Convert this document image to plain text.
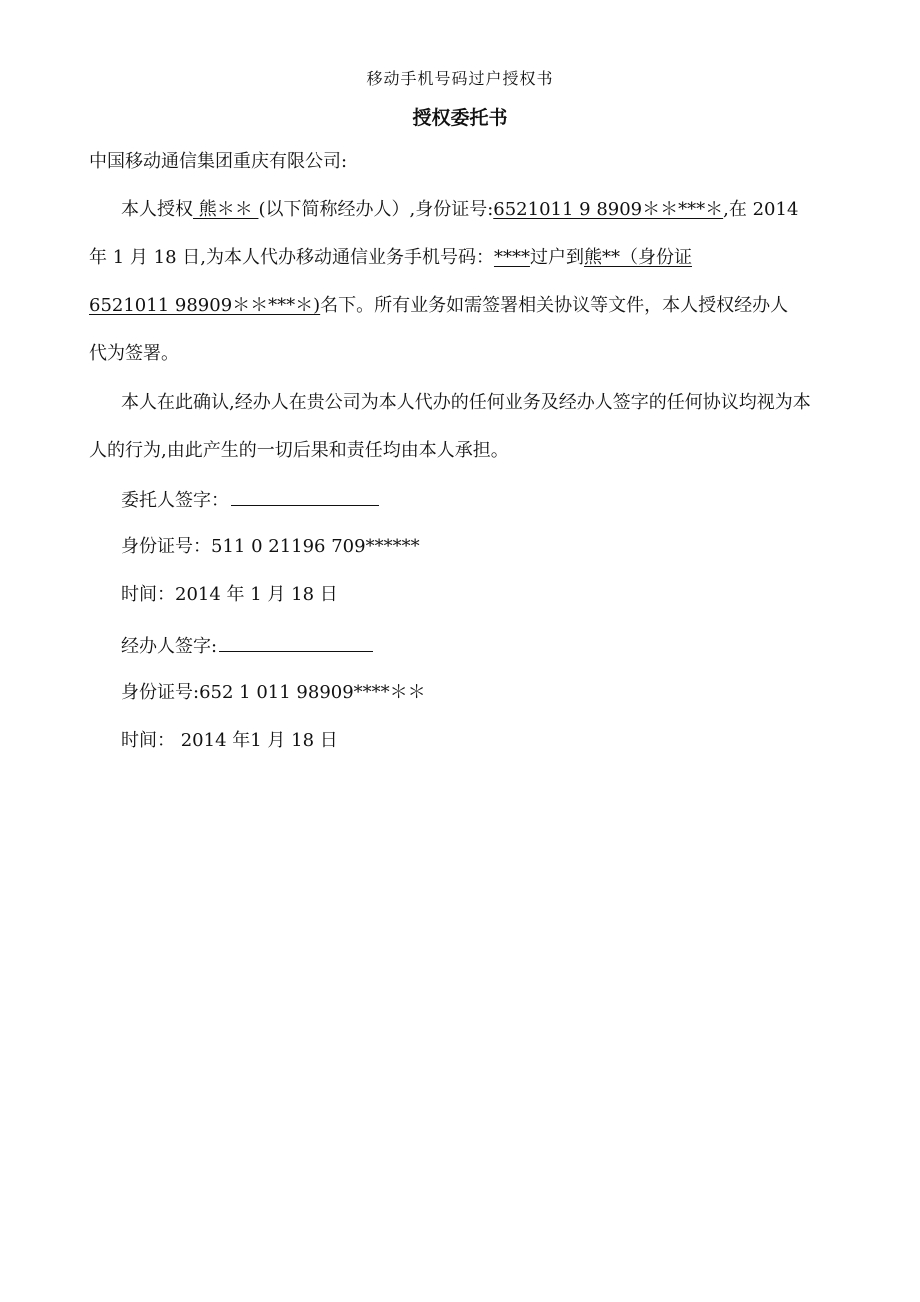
移动手机号码过户授权书
授权委托书
中国移动通信集团重庆有限公司:
本人授权 熊＊＊ (以下简称经办人）,身份证号:6521011 9 8909＊＊***＊,在 2014
年 1 月 18 日,为本人代办移动通信业务手机号码：****过户到熊**（身份证
6521011 98909＊＊***＊)名下。所有业务如需签署相关协议等文件，本人授权经办人
代为签署。
本人在此确认,经办人在贵公司为本人代办的任何业务及经办人签字的任何协议均视为本
人的行为,由此产生的一切后果和责任均由本人承担。
委托人签字：
身份证号：511 0 21196 709******
时间：2014 年 1 月 18 日
经办人签字:
身份证号:652 1 011 98909****＊＊
时间： 2014 年1 月 18 日
